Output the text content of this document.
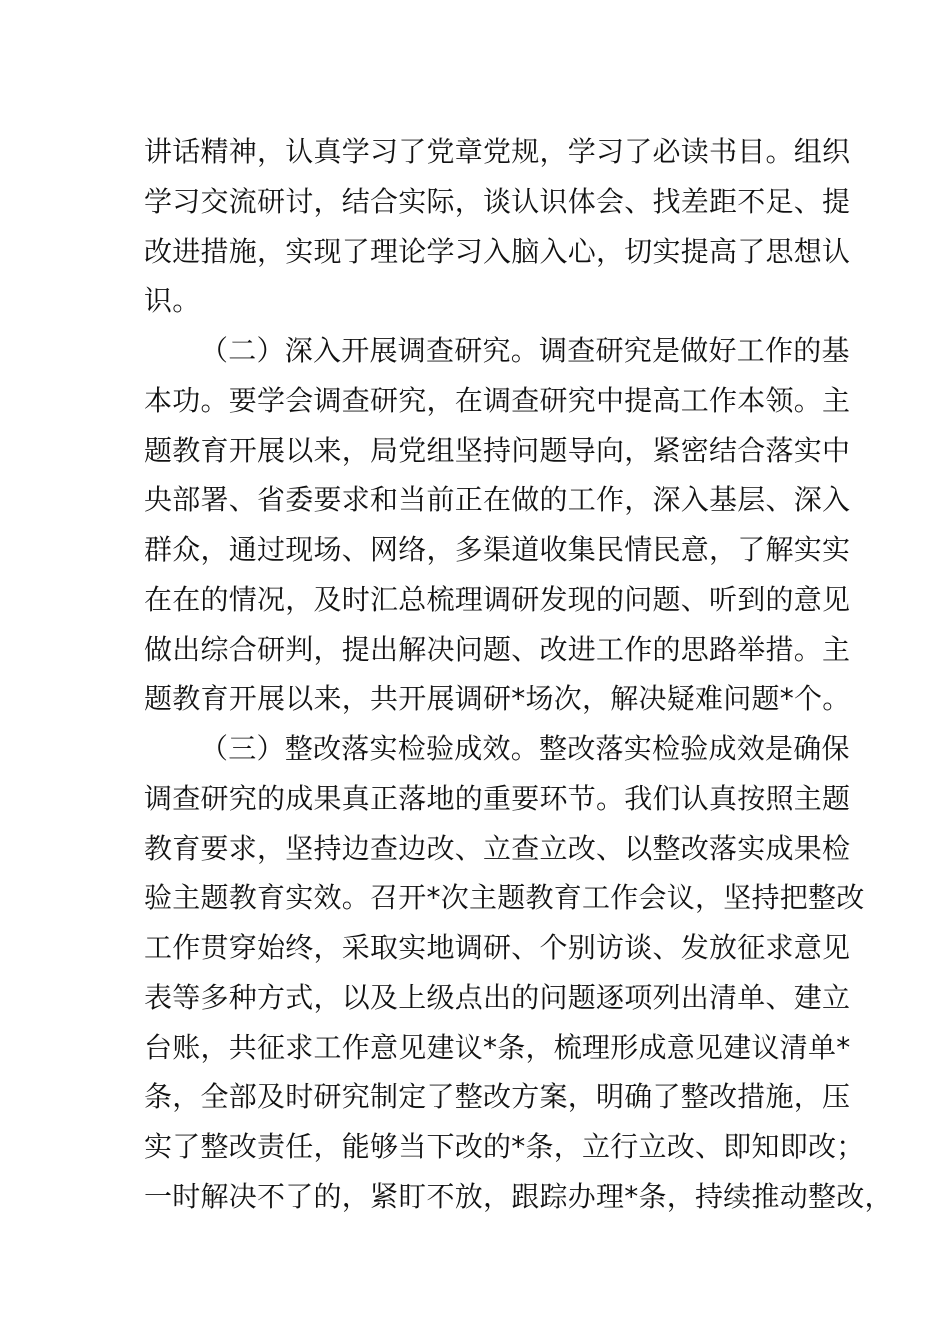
讲话精神，认真学习了党章党规，学习了必读书目。组织
学习交流研讨，结合实际，谈认识体会、找差距不足、提
改进措施，实现了理论学习入脑入心，切实提高了思想认
识。
（二）深入开展调查研究。调查研究是做好工作的基
本功。要学会调查研究，在调查研究中提高工作本领。主
题教育开展以来，局党组坚持问题导向，紧密结合落实中
央部署、省委要求和当前正在做的工作，深入基层、深入
群众，通过现场、网络，多渠道收集民情民意，了解实实
在在的情况，及时汇总梳理调研发现的问题、听到的意见
做出综合研判，提出解决问题、改进工作的思路举措。主
题教育开展以来，共开展调研*场次，解决疑难问题*个。
（三）整改落实检验成效。整改落实检验成效是确保
调查研究的成果真正落地的重要环节。我们认真按照主题
教育要求，坚持边查边改、立查立改、以整改落实成果检
验主题教育实效。召开*次主题教育工作会议，坚持把整改
工作贯穿始终，采取实地调研、个别访谈、发放征求意见
表等多种方式，以及上级点出的问题逐项列出清单、建立
台账，共征求工作意见建议*条，梳理形成意见建议清单*
条，全部及时研究制定了整改方案，明确了整改措施，压
实了整改责任，能够当下改的*条，立行立改、即知即改；
一时解决不了的，紧盯不放，跟踪办理*条，持续推动整改，
